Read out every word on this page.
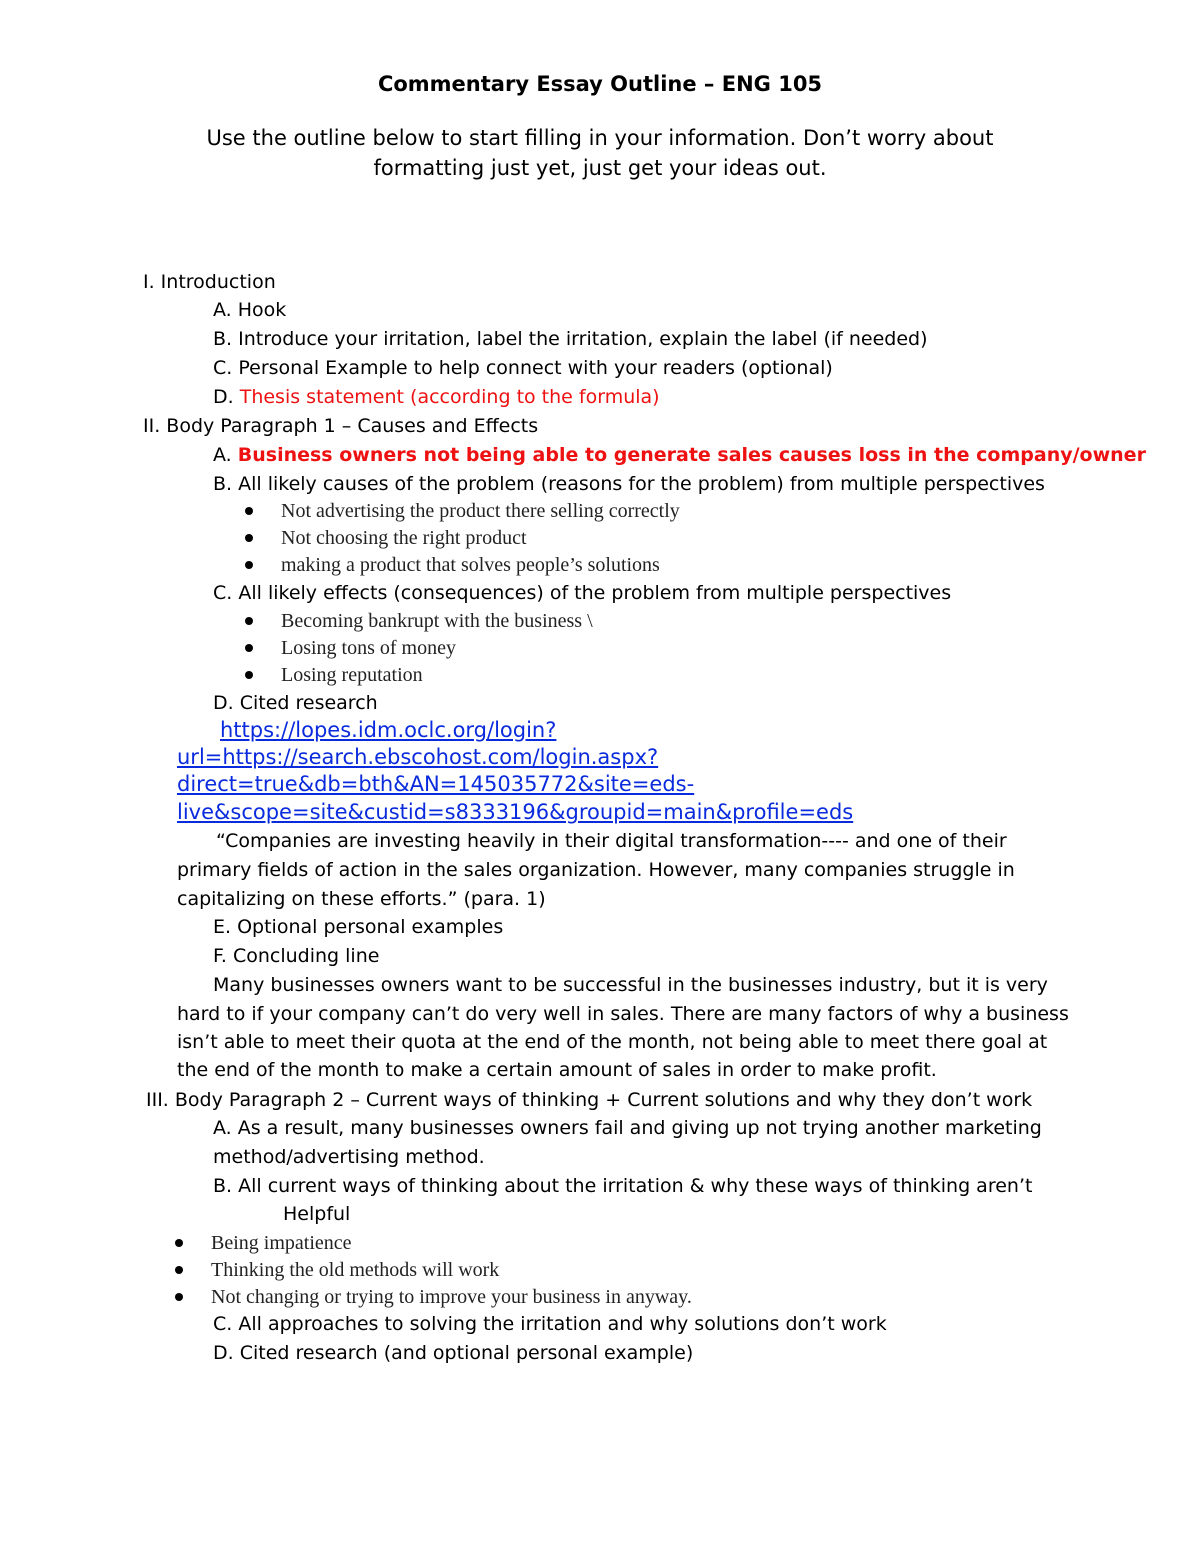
Commentary Essay Outline – ENG 105
Use the outline below to start filling in your information. Don’t worry about
formatting just yet, just get your ideas out.
I. Introduction
A. Hook
B. Introduce your irritation, label the irritation, explain the label (if needed)
C. Personal Example to help connect with your readers (optional)
D. Thesis statement (according to the formula)
II. Body Paragraph 1 – Causes and Effects
A. Business owners not being able to generate sales causes loss in the company/owner
B. All likely causes of the problem (reasons for the problem) from multiple perspectives
Not advertising the product there selling correctly
Not choosing the right product
making a product that solves people’s solutions
C. All likely effects (consequences) of the problem from multiple perspectives
Becoming bankrupt with the business \
Losing tons of money
Losing reputation
D. Cited research
https://lopes.idm.oclc.org/login?
url=https://search.ebscohost.com/login.aspx?
direct=true&db=bth&AN=145035772&site=eds-
live&scope=site&custid=s8333196&groupid=main&profile=eds
“Companies are investing heavily in their digital transformation---- and one of their
primary fields of action in the sales organization. However, many companies struggle in
capitalizing on these efforts.” (para. 1)
E. Optional personal examples
F. Concluding line
Many businesses owners want to be successful in the businesses industry, but it is very
hard to if your company can’t do very well in sales. There are many factors of why a business
isn’t able to meet their quota at the end of the month, not being able to meet there goal at
the end of the month to make a certain amount of sales in order to make profit.
III. Body Paragraph 2 – Current ways of thinking + Current solutions and why they don’t work
A. As a result, many businesses owners fail and giving up not trying another marketing
method/advertising method.
B. All current ways of thinking about the irritation & why these ways of thinking aren’t
Helpful
Being impatience
Thinking the old methods will work
Not changing or trying to improve your business in anyway.
C. All approaches to solving the irritation and why solutions don’t work
D. Cited research (and optional personal example)
